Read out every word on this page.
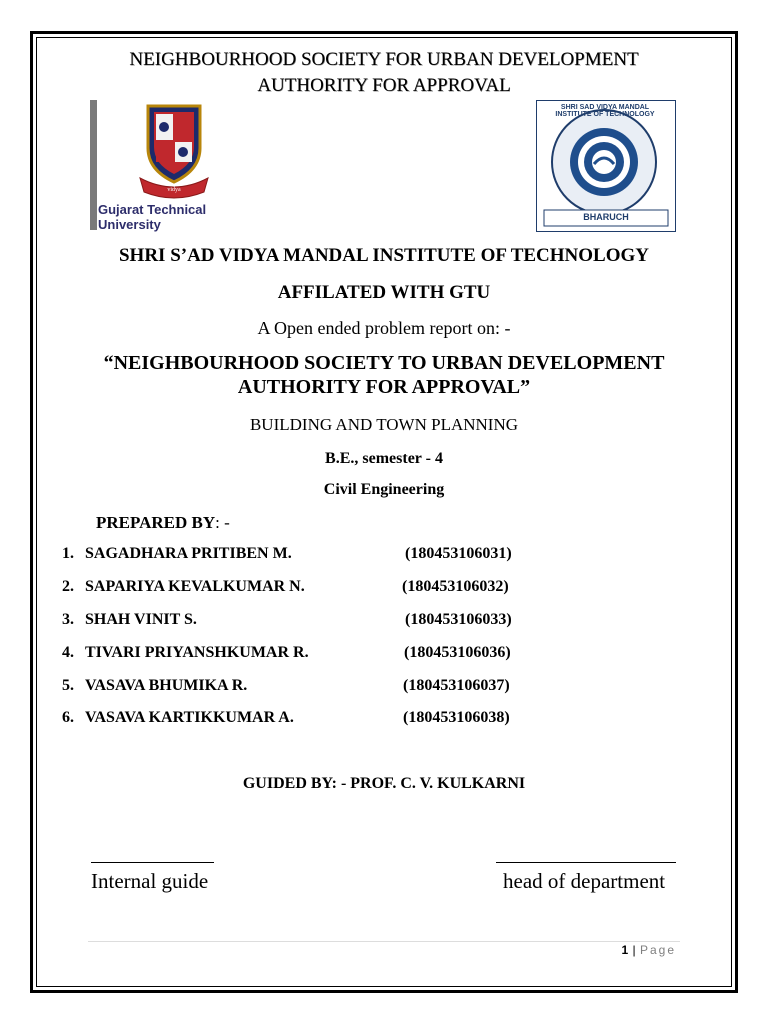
NEIGHBOURHOOD SOCIETY FOR URBAN DEVELOPMENT
AUTHORITY FOR APPROVAL
vidya
Gujarat Technical University
SHRI SAD VIDYA MANDAL INSTITUTE OF TECHNOLOGY
BHARUCH
SHRI S’AD VIDYA MANDAL INSTITUTE OF TECHNOLOGY
AFFILATED WITH GTU
A Open ended problem report on: -
“NEIGHBOURHOOD SOCIETY TO URBAN DEVELOPMENT
AUTHORITY FOR APPROVAL”
BUILDING AND TOWN PLANNING
B.E., semester - 4
Civil Engineering
PREPARED BY: -
1. SAGADHARA PRITIBEN M.	(180453106031)
2. SAPARIYA KEVALKUMAR N.	(180453106032)
3. SHAH VINIT S.	(180453106033)
4. TIVARI PRIYANSHKUMAR R.	(180453106036)
5. VASAVA BHUMIKA R.	(180453106037)
6. VASAVA KARTIKKUMAR A.	(180453106038)
GUIDED BY: - PROF. C. V. KULKARNI
Internal guide	head of department
1 | Page
